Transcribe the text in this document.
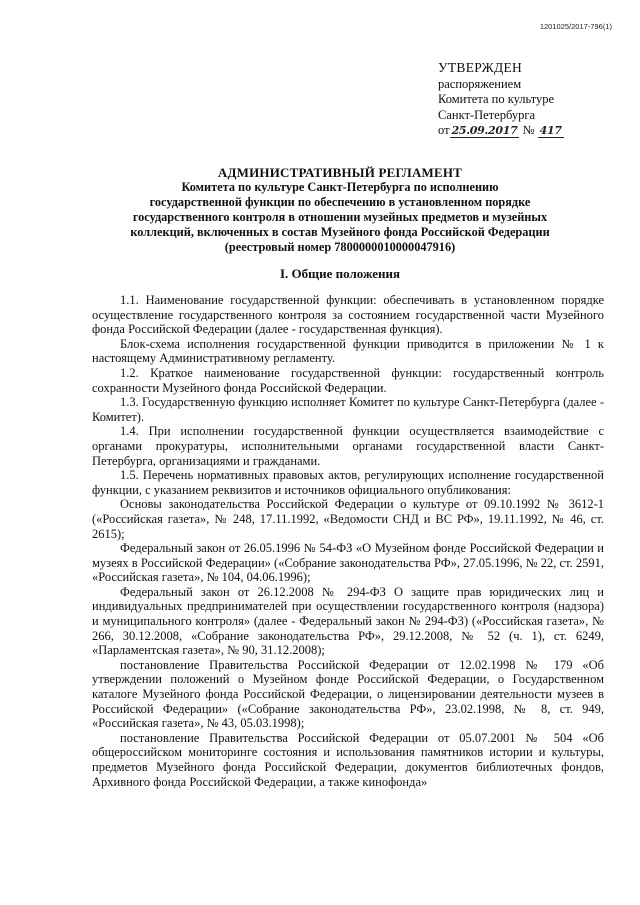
1201025/2017-796(1)
УТВЕРЖДЕН
распоряжением
Комитета по культуре
Санкт-Петербурга
от 25.09.2017 № 417
АДМИНИСТРАТИВНЫЙ РЕГЛАМЕНТ
Комитета по культуре Санкт-Петербурга по исполнению
государственной функции по обеспечению в установленном порядке
государственного контроля в отношении музейных предметов и музейных
коллекций, включенных в состав Музейного фонда Российской Федерации
(реестровый номер 7800000010000047916)
I. Общие положения

1.1. Наименование государственной функции: обеспечивать в установленном порядке осуществление государственного контроля за состоянием государственной части Музейного фонда Российской Федерации (далее - государственная функция).

Блок-схема исполнения государственной функции приводится в приложении № 1 к настоящему Административному регламенту.

1.2. Краткое наименование государственной функции: государственный контроль сохранности Музейного фонда Российской Федерации.

1.3. Государственную функцию исполняет Комитет по культуре Санкт-Петербурга (далее - Комитет).

1.4. При исполнении государственной функции осуществляется взаимодействие с органами прокуратуры, исполнительными органами государственной власти Санкт-Петербурга, организациями и гражданами.

1.5. Перечень нормативных правовых актов, регулирующих исполнение государственной функции, с указанием реквизитов и источников официального опубликования:

Основы законодательства Российской Федерации о культуре от 09.10.1992 № 3612-1 («Российская газета», № 248, 17.11.1992, «Ведомости СНД и ВС РФ», 19.11.1992, № 46, ст. 2615);

Федеральный закон от 26.05.1996 № 54-ФЗ «О Музейном фонде Российской Федерации и музеях в Российской Федерации» («Собрание законодательства РФ», 27.05.1996, № 22, ст. 2591, «Российская газета», № 104, 04.06.1996);

Федеральный закон от 26.12.2008 № 294-ФЗ О защите прав юридических лиц и индивидуальных предпринимателей при осуществлении государственного контроля (надзора) и муниципального контроля» (далее - Федеральный закон № 294-ФЗ) («Российская газета», № 266, 30.12.2008, «Собрание законодательства РФ», 29.12.2008, № 52 (ч. 1), ст. 6249, «Парламентская газета», № 90, 31.12.2008);

постановление Правительства Российской Федерации от 12.02.1998 № 179 «Об утверждении положений о Музейном фонде Российской Федерации, о Государственном каталоге Музейного фонда Российской Федерации, о лицензировании деятельности музеев в Российской Федерации» («Собрание законодательства РФ», 23.02.1998, № 8, ст. 949, «Российская газета», № 43, 05.03.1998);

постановление Правительства Российской Федерации от 05.07.2001 № 504 «Об общероссийском мониторинге состояния и использования памятников истории и культуры, предметов Музейного фонда Российской Федерации, документов библиотечных фондов, Архивного фонда Российской Федерации, а также кинофонда»
